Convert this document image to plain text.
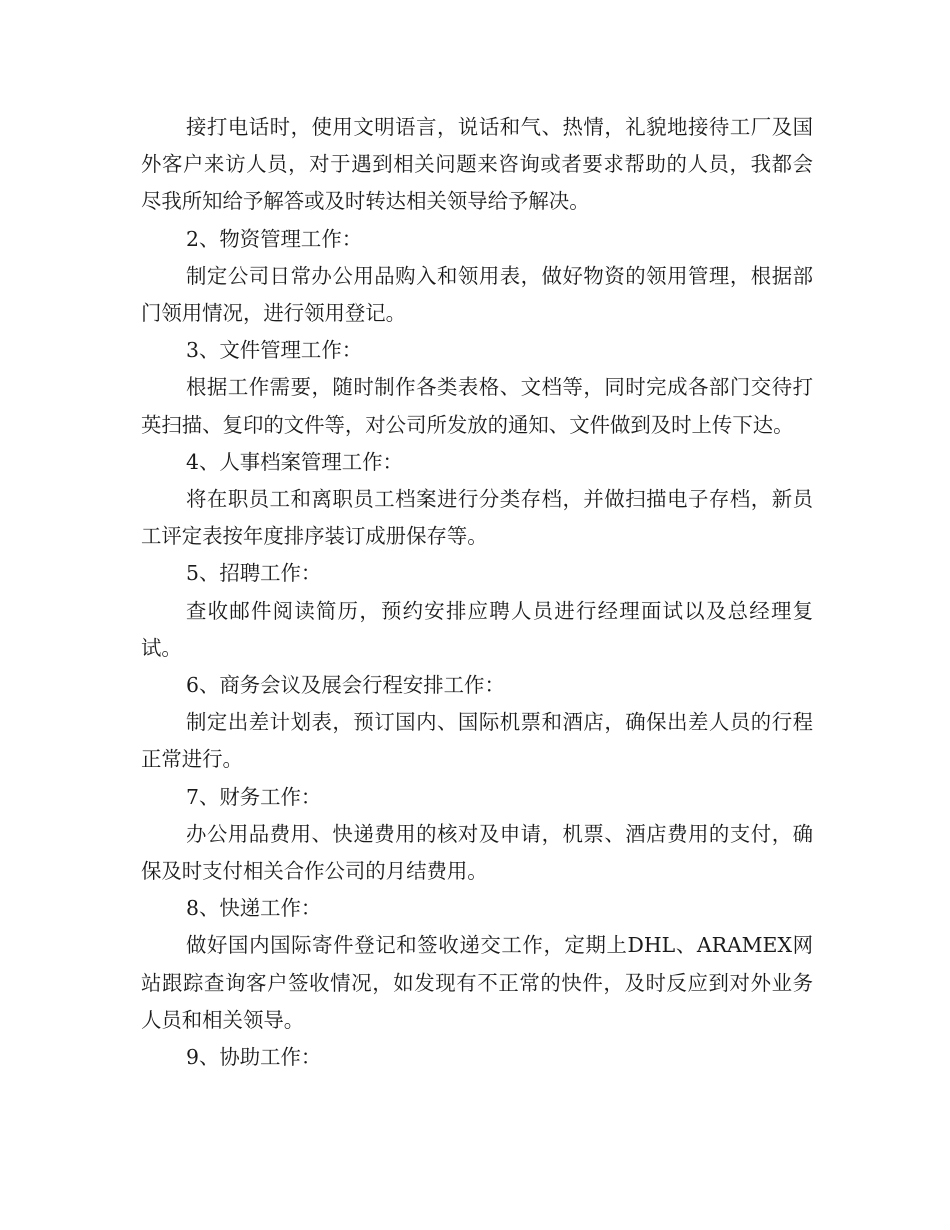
接打电话时，使用文明语言，说话和气、热情，礼貌地接待工厂及国外客户来访人员，对于遇到相关问题来咨询或者要求帮助的人员，我都会尽我所知给予解答或及时转达相关领导给予解决。

2、物资管理工作：

制定公司日常办公用品购入和领用表，做好物资的领用管理，根据部门领用情况，进行领用登记。

3、文件管理工作：

根据工作需要，随时制作各类表格、文档等，同时完成各部门交待打英扫描、复印的文件等，对公司所发放的通知、文件做到及时上传下达。

4、人事档案管理工作：

将在职员工和离职员工档案进行分类存档，并做扫描电子存档，新员工评定表按年度排序装订成册保存等。

5、招聘工作：

查收邮件阅读简历，预约安排应聘人员进行经理面试以及总经理复试。

6、商务会议及展会行程安排工作：

制定出差计划表，预订国内、国际机票和酒店，确保出差人员的行程正常进行。

7、财务工作：

办公用品费用、快递费用的核对及申请，机票、酒店费用的支付，确保及时支付相关合作公司的月结费用。

8、快递工作：

做好国内国际寄件登记和签收递交工作，定期上DHL、ARAMEX网站跟踪查询客户签收情况，如发现有不正常的快件，及时反应到对外业务人员和相关领导。

9、协助工作：
